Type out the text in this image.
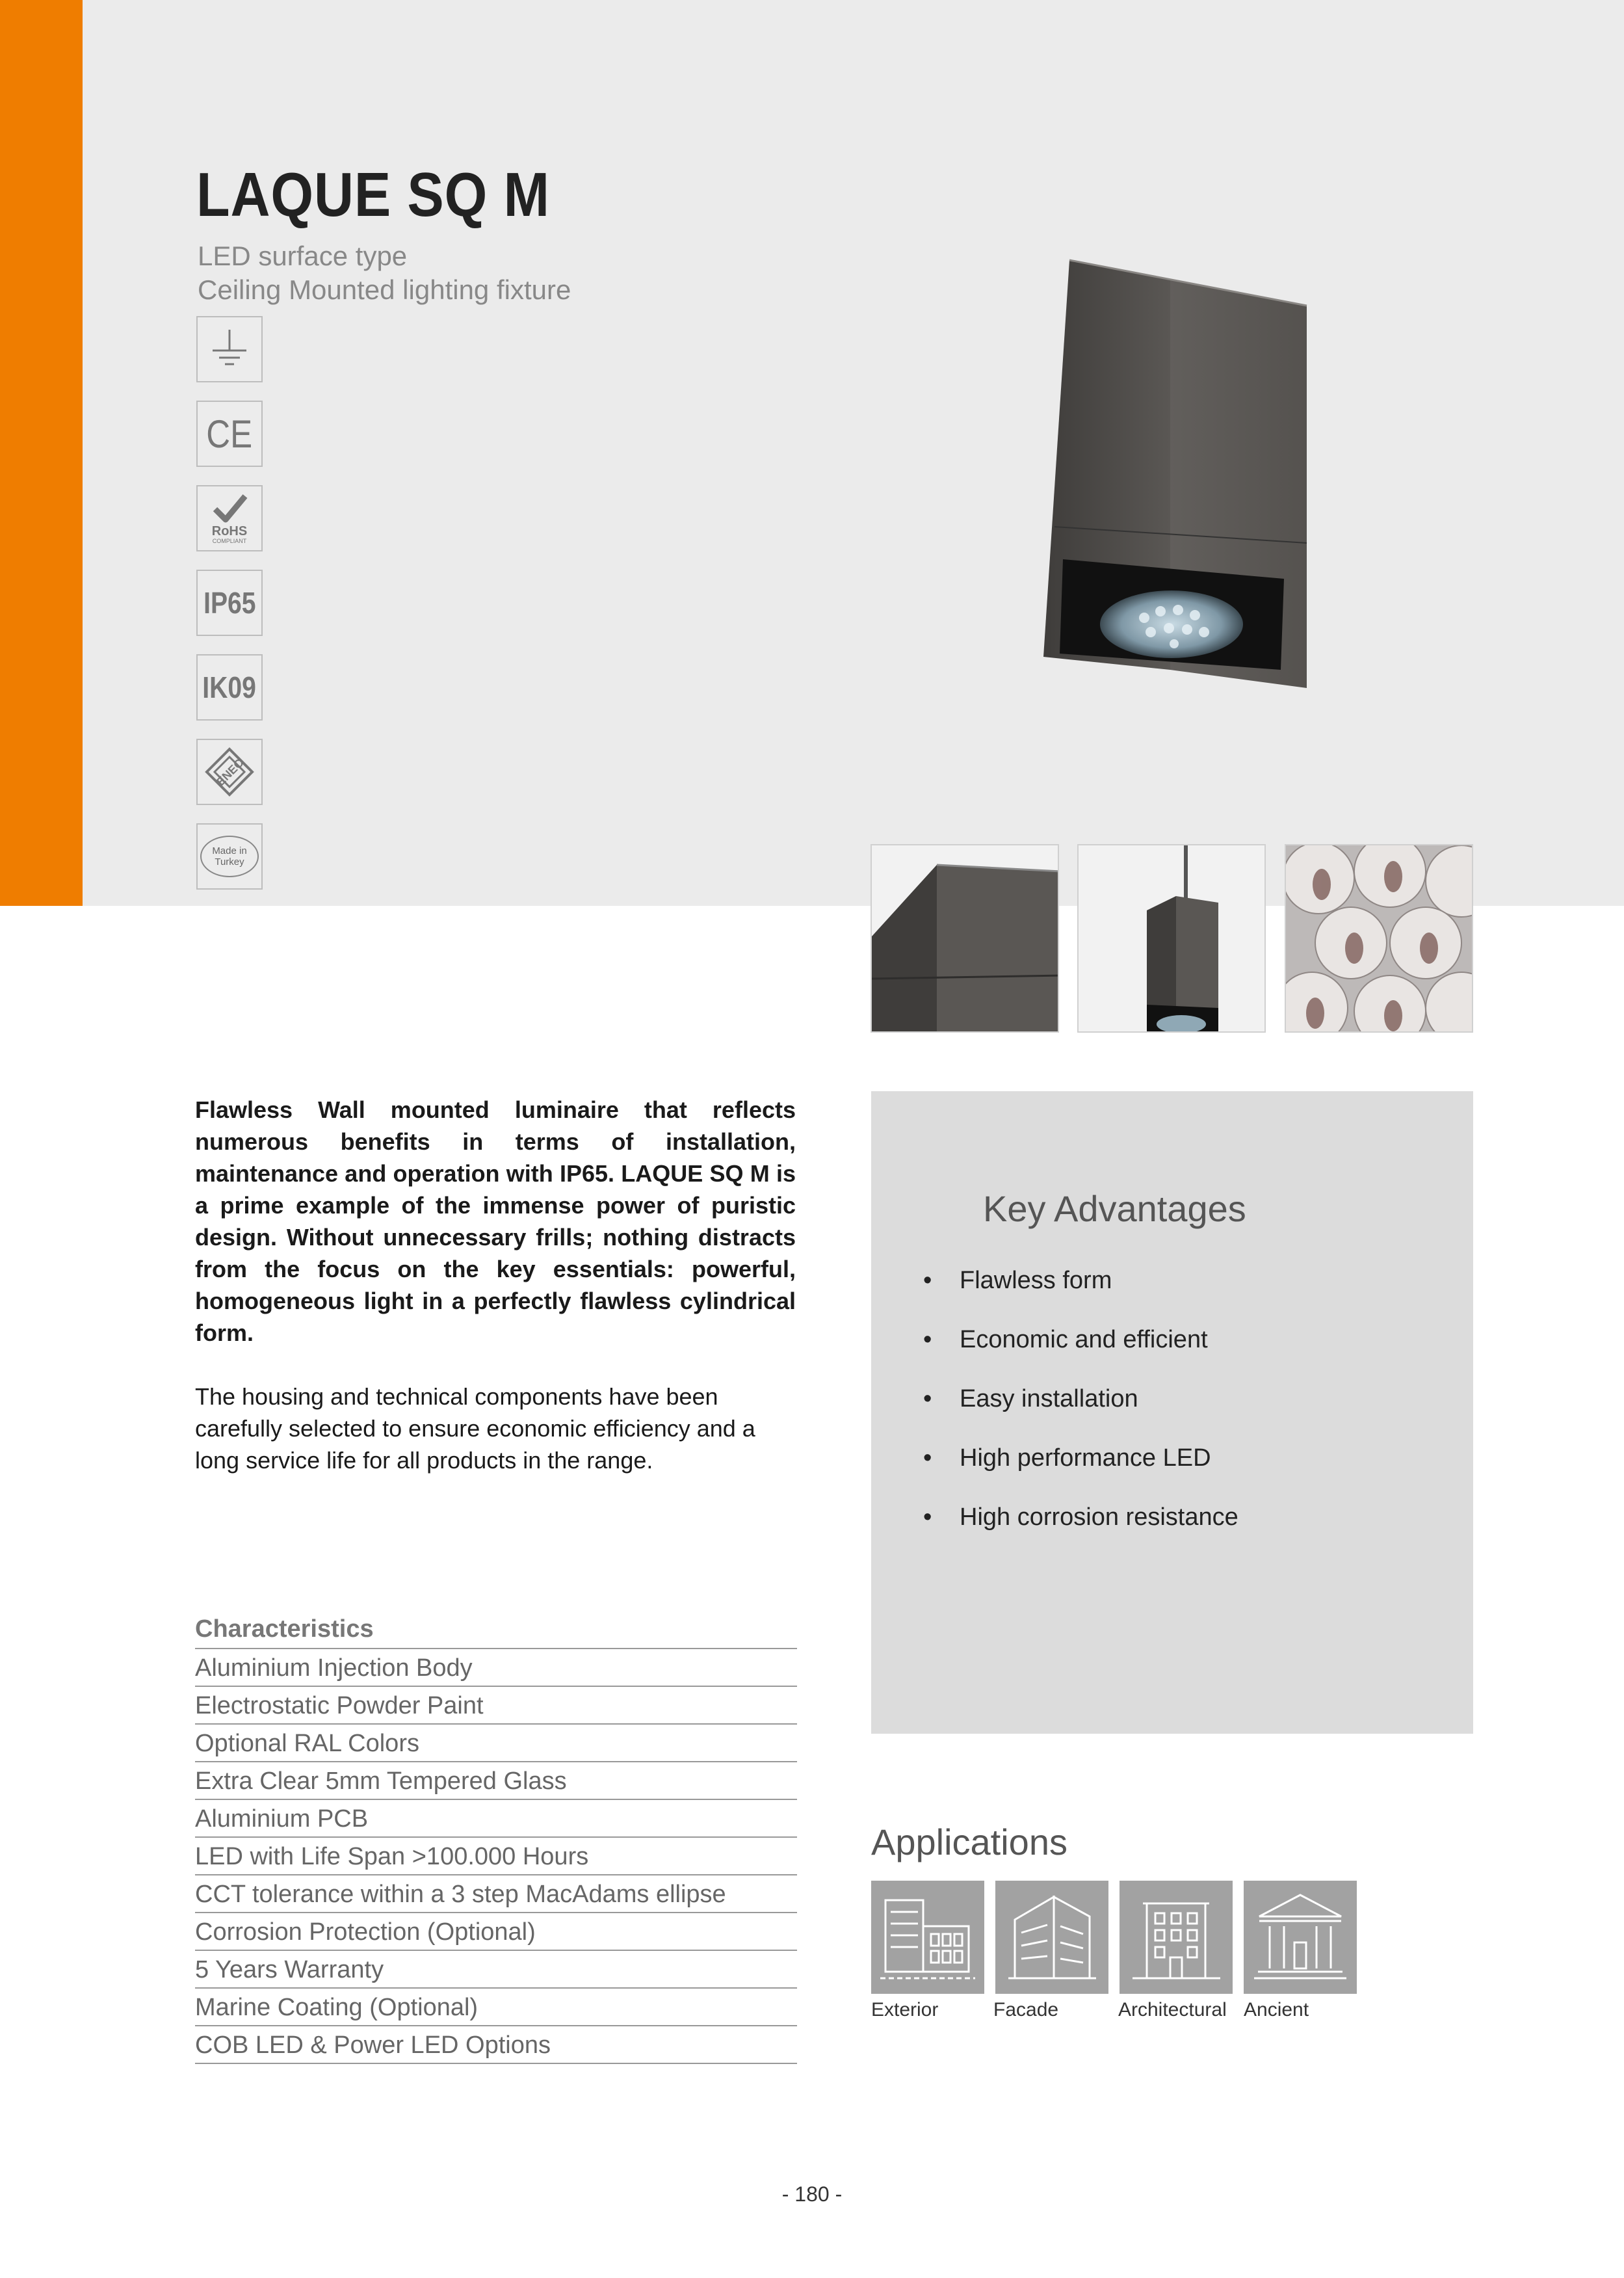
LAQUE SQ M
LED surface type
Ceiling Mounted lighting fixture
CE
RoHS
COMPLIANT
IP65
IK09
ENEC
Made in
Turkey

Flawless Wall mounted luminaire that reflects numerous benefits in terms of installation, maintenance and operation with IP65. LAQUE SQ M is a prime example of the immense power of puristic design. Without unnecessary frills; nothing distracts from the focus on the key essentials: powerful, homogeneous light in a perfectly flawless cylindrical form.

The housing and technical components have been carefully selected to ensure economic efficiency and a long service life for all products in the range.

Key Advantages
• Flawless form
• Economic and efficient
• Easy installation
• High performance LED
• High corrosion resistance
Characteristics
Aluminium Injection Body
Electrostatic Powder Paint
Optional RAL Colors
Extra Clear 5mm Tempered Glass
Aluminium PCB
LED with Life Span >100.000 Hours
CCT tolerance within a 3 step MacAdams ellipse
Corrosion Protection (Optional)
5 Years Warranty
Marine Coating (Optional)
COB LED & Power LED Options
Applications
Exterior	Facade	Architectural Ancient
- 180 -
